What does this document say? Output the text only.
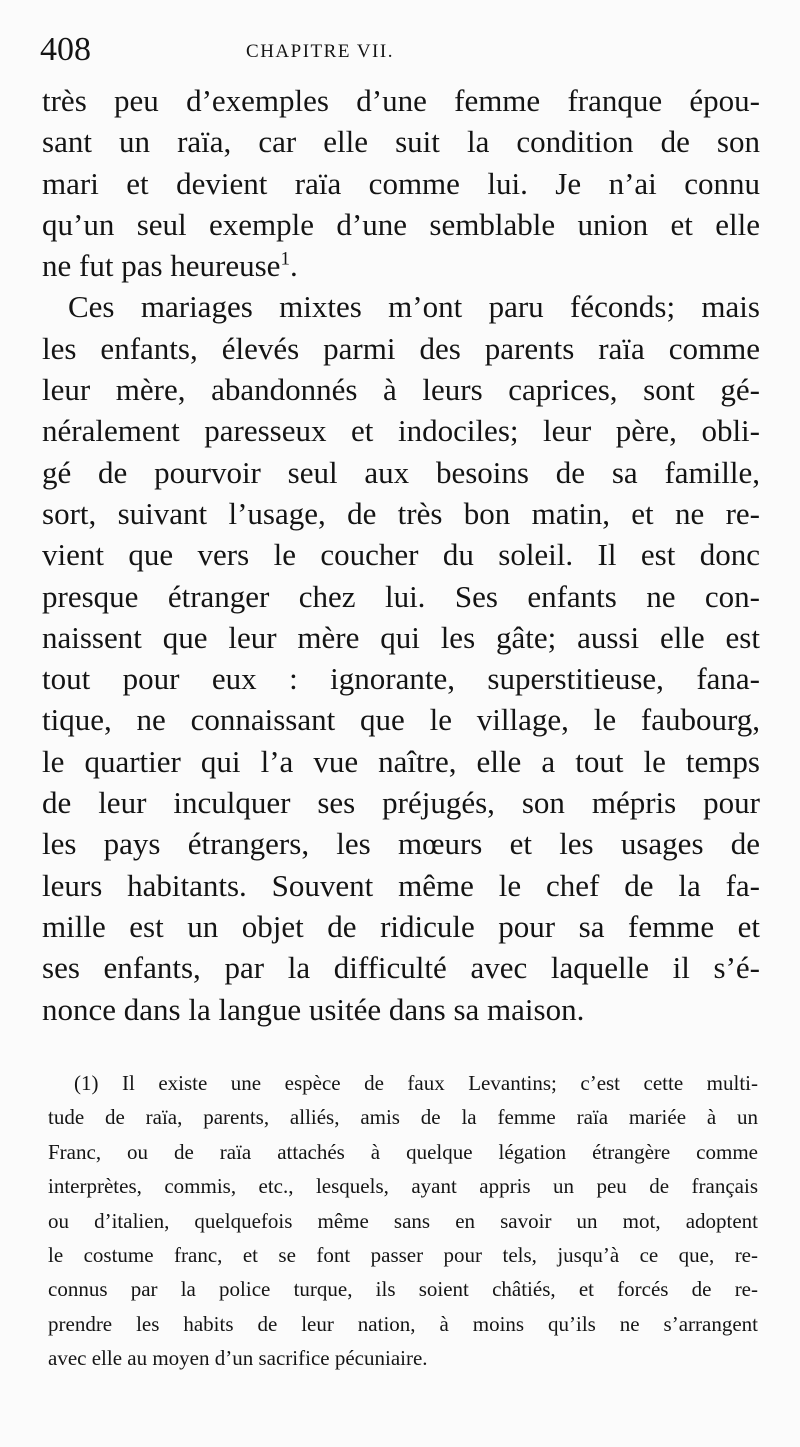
408	CHAPITRE VII.
très peu d’exemples d’une femme franque épou-
sant un raïa, car elle suit la condition de son
mari et devient raïa comme lui. Je n’ai connu
qu’un seul exemple d’une semblable union et elle
ne fut pas heureuse$^1$.
Ces mariages mixtes m’ont paru féconds; mais
les enfants, élevés parmi des parents raïa comme
leur mère, abandonnés à leurs caprices, sont gé-
néralement paresseux et indociles; leur père, obli-
gé de pourvoir seul aux besoins de sa famille,
sort, suivant l’usage, de très bon matin, et ne re-
vient que vers le coucher du soleil. Il est donc
presque étranger chez lui. Ses enfants ne con-
naissent que leur mère qui les gâte; aussi elle est
tout pour eux : ignorante, superstitieuse, fana-
tique, ne connaissant que le village, le faubourg,
le quartier qui l’a vue naître, elle a tout le temps
de leur inculquer ses préjugés, son mépris pour
les pays étrangers, les mœurs et les usages de
leurs habitants. Souvent même le chef de la fa-
mille est un objet de ridicule pour sa femme et
ses enfants, par la difficulté avec laquelle il s’é-
nonce dans la langue usitée dans sa maison.
(1) Il existe une espèce de faux Levantins; c’est cette multi-
tude de raïa, parents, alliés, amis de la femme raïa mariée à un
Franc, ou de raïa attachés à quelque légation étrangère comme
interprètes, commis, etc., lesquels, ayant appris un peu de français
ou d’italien, quelquefois même sans en savoir un mot, adoptent
le costume franc, et se font passer pour tels, jusqu’à ce que, re-
connus par la police turque, ils soient châtiés, et forcés de re-
prendre les habits de leur nation, à moins qu’ils ne s’arrangent
avec elle au moyen d’un sacrifice pécuniaire.
